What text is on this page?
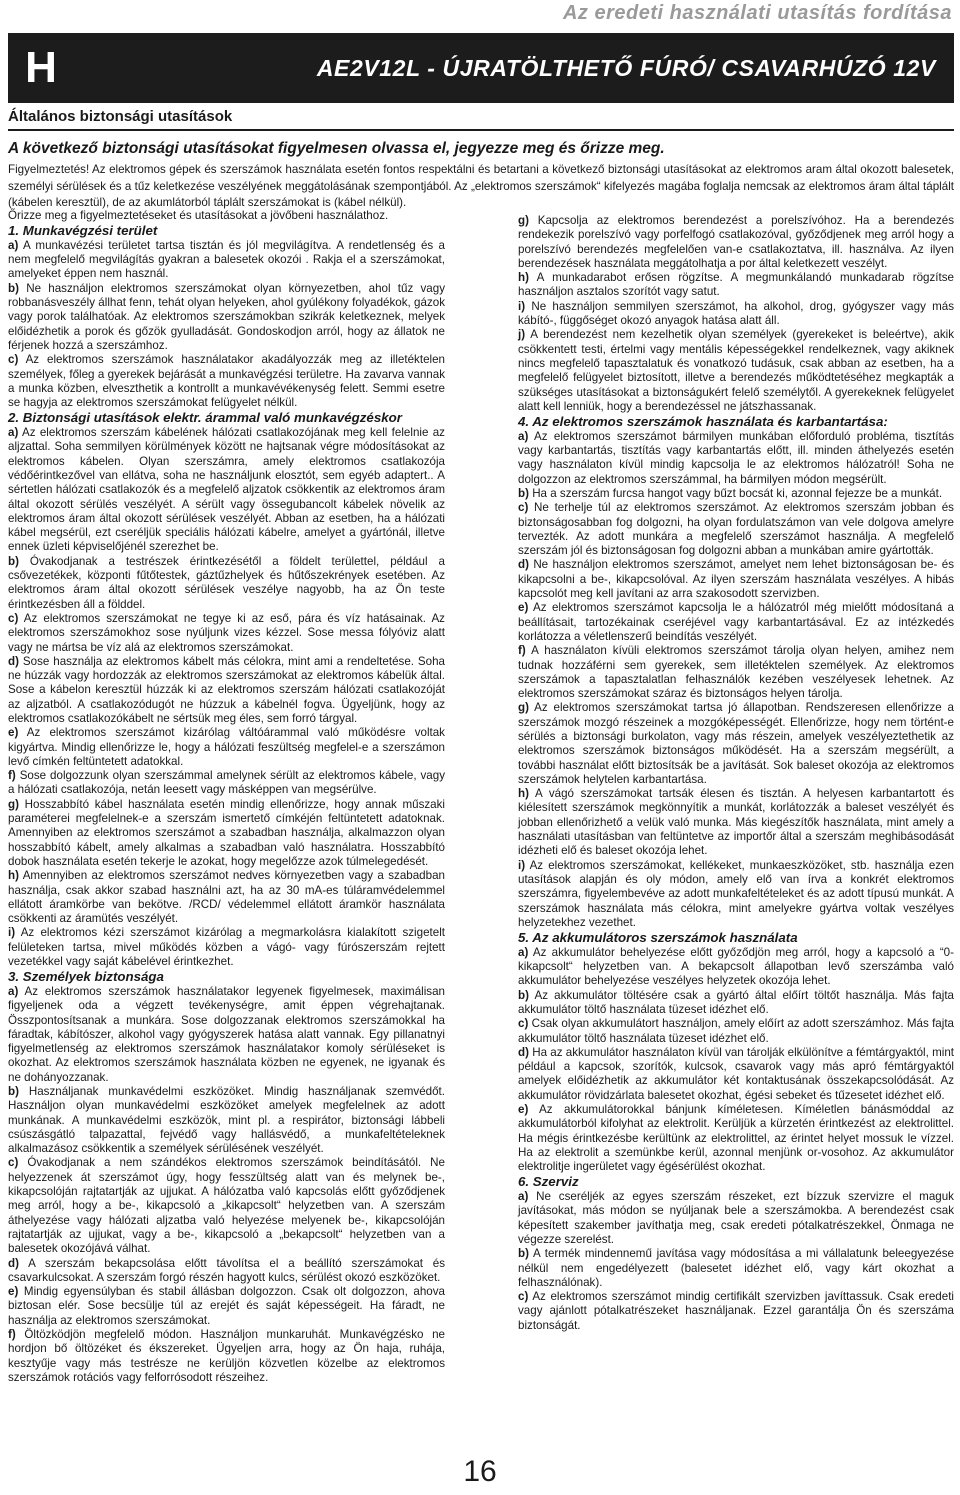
Az eredeti használati utasítás fordítása
H	AE2V12L - ÚJRATÖLTHETŐ FÚRÓ/ CSAVARHÚZÓ 12V
Általános biztonsági utasítások
A következő biztonsági utasításokat figyelmesen olvassa el, jegyezze meg és őrizze meg.
Figyelmeztetés! Az elektromos gépek és szerszámok használata esetén fontos respektálni és betartani a következő biztonsági utasításokat az elektromos aram által okozott balesetek, személyi sérülések és a tűz keletkezése veszélyének meggátolásának szempontjából. Az „elektromos szerszámok“ kifelyezés magába foglalja nemcsak az elektromos áram által táplált (kábelen keresztül), de az akumlátorból táplált szerszámokat is (kábel nélkül).

Őrizze meg a figyelmeztetéseket és utasításokat a jövőbeni használathoz.

1. Munkavégzési terület

a) A munkavézési területet tartsa tisztán és jól megvilágítva. A rendetlenség és a nem megfelelő megvilágítás gyakran a balesetek okozói . Rakja el a szerszámokat, amelyeket éppen nem használ.

b) Ne használjon elektromos szerszámokat olyan környezetben, ahol tűz vagy robbanásveszély állhat fenn, tehát olyan helyeken, ahol gyúlékony folyadékok, gázok vagy porok találhatóak. Az elektromos szerszámokban szikrák keletkeznek, melyek előidézhetik a porok és gőzök gyulladását. Gondoskodjon arról, hogy az állatok ne férjenek hozzá a szerszámhoz.

c) Az elektromos szerszámok használatakor akadályozzák meg az illetéktelen személyek, főleg a gyerekek bejárását a munkavégzési területre. Ha zavarva vannak a munka közben, elveszthetik a kontrollt a munkavévékenység felett. Semmi esetre se hagyja az elektromos szerszámokat felügyelet nélkül.

2. Biztonsági utasítások elektr. árammal való munkavégzéskor

a) Az elektromos szerszám kábelének hálózati csatlakozójának meg kell felelnie az aljzattal. Soha semmilyen körülmények között ne hajtsanak végre módosításokat az elektromos kábelen. Olyan szerszámra, amely elektromos csatlakozója védőérintkezővel van ellátva, soha ne használjunk elosztót, sem egyéb adaptert.. A sértetlen hálózati csatlakozók és a megfelelő aljzatok csökkentik az elektromos áram által okozott sérülés veszélyét. A sérült vagy össegubancolt kábelek növelik az elektromos áram által okozott sérülések veszélyét. Abban az esetben, ha a hálózati kábel megsérül, ezt cseréljük speciális hálózati kábelre, amelyet a gyártónál, illetve ennek üzleti képviselőjénél szerezhet be.

b) Óvakodjanak a testrészek érintkezésétől a földelt területtel, például a csővezetékek, központi fűtőtestek, gáztűzhelyek és hűtőszekrények esetében. Az elektromos áram által okozott sérülések veszélye nagyobb, ha az Ön teste érintkezésben áll a földdel.

c) Az elektromos szerszámokat ne tegye ki az eső, pára és víz hatásainak. Az elektromos szerszámokhoz sose nyúljunk vizes kézzel. Sose messa fólyóviz alatt vagy ne mártsa be víz alá az elektromos szerszámokat.

d) Sose használja az elektromos kábelt más célokra, mint ami a rendeltetése. Soha ne húzzák vagy hordozzák az elektromos szerszámokat az elektromos kábelük által. Sose a kábelon keresztül húzzák ki az elektromos szerszám hálózati csatlakozóját az aljzatból. A csatlakozódugót ne húzzuk a kábelnél fogva. Ügyeljünk, hogy az elektromos csatlakozókábelt ne sértsük meg éles, sem forró tárgyal.

e) Az elektromos szerszámot kizárólag váltóárammal való működésre voltak kigyártva. Mindig ellenőrizze le, hogy a hálózati feszültség megfelel-e a szerszámon levő címkén feltüntetett adatokkal.

f) Sose dolgozzunk olyan szerszámmal amelynek sérült az elektromos kábele, vagy a hálózati csatlakozója, netán leesett vagy másképpen van megsérülve.

g) Hosszabbító kábel használata esetén mindig ellenőrizze, hogy annak műszaki paraméterei megfelelnek-e a szerszám ismertető címkéjén feltüntetett adatoknak. Amennyiben az elektromos szerszámot a szabadban használja, alkalmazzon olyan hosszabbító kábelt, amely alkalmas a szabadban való használatra. Hosszabbító dobok használata esetén tekerje le azokat, hogy megelőzze azok túlmelegedését.

h) Amennyiben az elektromos szerszámot nedves környezetben vagy a szabadban használja, csak akkor szabad használni azt, ha az 30 mA-es túláramvédelemmel ellátott áramkörbe van bekötve. /RCD/ védelemmel ellátott áramkör használata csökkenti az áramütés veszélyét.

i) Az elektromos kézi szerszámot kizárólag a megmarkolásra kialakított szigetelt felületeken tartsa, mivel működés közben a vágó- vagy fúrószerszám rejtett vezetékkel vagy saját kábelével érintkezhet.

3. Személyek biztonsága

a) Az elektromos szerszámok használatakor legyenek figyelmesek, maximálisan figyeljenek oda a végzett tevékenységre, amit éppen végrehajtanak. Összpontosítsanak a munkára. Sose dolgozzanak elektromos szerszámokkal ha fáradtak, kábítószer, alkohol vagy gyógyszerek hatása alatt vannak. Egy pillanatnyi figyelmetlenség az elektromos szerszámok használatakor komoly sérüléseket is okozhat. Az elektromos szerszámok használata közben ne egyenek, ne igyanak és ne dohányozzanak.

b) Használjanak munkavédelmi eszközöket. Mindig használjanak szemvédőt. Használjon olyan munkavédelmi eszközöket amelyek megfelelnek az adott munkának. A munkavédelmi eszközök, mint pl. a respirátor, biztonsági lábbeli csúszásgátló talpazattal, fejvédő vagy hallásvédő, a munkafeltételeknek alkalmazásoz csökkentik a személyek sérülésének veszélyét.

c) Óvakodjanak a nem szándékos elektromos szerszámok beindításától. Ne helyezzenek át szerszámot úgy, hogy fesszültség alatt van és melynek be-, kikapcsolóján rajtatartják az ujjukat. A hálózatba való kapcsolás előtt győződjenek meg arról, hogy a be-, kikapcsoló a „kikapcsolt“ helyzetben van. A szerszám áthelyezése vagy hálózati aljzatba való helyezése melyenek be-, kikapcsolóján rajtatartják az ujjukat, vagy a be-, kikapcsoló a „bekapcsolt“ helyzetben van a balesetek okozójává válhat.

d) A szerszám bekapcsolása előtt távolítsa el a beállító szerszámokat és csavarkulcsokat. A szerszám forgó részén hagyott kulcs, sérülést okozó eszközöket.

e) Mindig egyensúlyban és stabil állásban dolgozzon. Csak olt dolgozzon, ahova biztosan elér. Sose becsülje túl az erejét és saját képességeit. Ha fáradt, ne használja az elektromos szerszámokat.

f) Öltözködjön megfelelő módon. Használjon munkaruhát. Munkavégzésko ne hordjon bő öltözéket és ékszereket. Ügyeljen arra, hogy az Ön haja, ruhája, kesztyűje vagy más testrésze ne kerüljön közvetlen közelbe az elektromos szerszámok rotációs vagy felforrósodott részeihez.

g) Kapcsolja az elektromos berendezést a porelszívóhoz. Ha a berendezés rendekezik porelszívó vagy porfelfogó csatlakozóval, győződjenek meg arról hogy a porelszívó berendezés megfelelően van-e csatlakoztatva, ill. használva. Az ilyen berendezések használata meggátolhatja a por által keletkezett veszélyt.

h) A munkadarabot erősen rögzítse. A megmunkálandó munkadarab rögzítse használjon asztalos szorítót vagy satut.

i) Ne használjon semmilyen szerszámot, ha alkohol, drog, gyógyszer vagy más kábító-, függőséget okozó anyagok hatása alatt áll.

j) A berendezést nem kezelhetik olyan személyek (gyerekeket is beleértve), akik csökkentett testi, értelmi vagy mentális képességekkel rendelkeznek, vagy akiknek nincs megfelelő tapasztalatuk és vonatkozó tudásuk, csak abban az esetben, ha a megfelelő felügyelet biztosított, illetve a berendezés működtetéséhez megkapták a szükséges utasításokat a biztonságukért felelő személytől. A gyerekeknek felügyelet alatt kell lenniük, hogy a berendezéssel ne játszhassanak.

4. Az elektromos szerszámok használata és karbantartása:

a) Az elektromos szerszámot bármilyen munkában előforduló probléma, tisztítás vagy karbantartás, tisztítás vagy karbantartás előtt, ill. minden áthelyezés esetén vagy használaton kívül mindig kapcsolja le az elektromos hálózatról! Soha ne dolgozzon az elektromos szerszámmal, ha bármilyen módon megsérült.

b) Ha a szerszám furcsa hangot vagy bűzt bocsát ki, azonnal fejezze be a munkát.

c) Ne terhelje túl az elektromos szerszámot. Az elektromos szerszám jobban és biztonságosabban fog dolgozni, ha olyan fordulatszámon van vele dolgova amelyre tervezték. Az adott munkára a megfelelő szerszámot használja. A megfelelő szerszám jól és biztonságosan fog dolgozni abban a munkában amire gyártották.

d) Ne használjon elektromos szerszámot, amelyet nem lehet biztonságosan be- és kikapcsolni a be-, kikapcsolóval. Az ilyen szerszám használata veszélyes. A hibás kapcsolót meg kell javítani az arra szakosodott szervizben.

e) Az elektromos szerszámot kapcsolja le a hálózatról még mielőtt módosítaná a beállításait, tartozékainak cseréjével vagy karbantartásával. Ez az intézkedés korlátozza a véletlenszerű beindítás veszélyét.

f) A használaton kívüli elektromos szerszámot tárolja olyan helyen, amihez nem tudnak hozzáférni sem gyerekek, sem illetéktelen személyek. Az elektromos szerszámok a tapasztalatlan felhasználók kezében veszélyesek lehetnek. Az elektromos szerszámokat száraz és biztonságos helyen tárolja.

g) Az elektromos szerszámokat tartsa jó állapotban. Rendszeresen ellenőrizze a szerszámok mozgó részeinek a mozgóképességét. Ellenőrizze, hogy nem történt-e sérülés a biztonsági burkolaton, vagy más részein, amelyek veszélyeztethetik az elektromos szerszámok biztonságos működését. Ha a szerszám megsérült, a további használat előtt biztosítsák be a javítását. Sok baleset okozója az elektromos szerszámok helytelen karbantartása.

h) A vágó szerszámokat tartsák élesen és tisztán. A helyesen karbantartott és kiélesített szerszámok megkönnyítik a munkát, korlátozzák a baleset veszélyét és jobban ellenőrizhető a velük való munka. Más kiegészítők használata, mint amely a használati utasításban van feltüntetve az importőr által a szerszám meghibásodását idézheti elő és baleset okozója lehet.

i) Az elektromos szerszámokat, kellékeket, munkaeszközöket, stb. használja ezen utasítások alapján és oly módon, amely elő van írva a konkrét elektromos szerszámra, figyelembevéve az adott munkafeltételeket és az adott típusú munkát. A szerszámok használata más célokra, mint amelyekre gyártva voltak veszélyes helyzetekhez vezethet.

5. Az akkumulátoros szerszámok használata

a) Az akkumulátor behelyezése előtt győződjön meg arról, hogy a kapcsoló a “0-kikapcsolt“ helyzetben van. A bekapcsolt állapotban levő szerszámba való akkumulátor behelyezése veszélyes helyzetek okozója lehet.

b) Az akkumulátor töltésére csak a gyártó által előírt töltőt használja. Más fajta akkumulátor töltő használata tüzeset idézhet elő.

c) Csak olyan akkumulátort használjon, amely előírt az adott szerszámhoz. Más fajta akkumulátor töltő használata tüzeset idézhet elő.

d) Ha az akkumulátor használaton kívül van tárolják elkülönítve a fémtárgyaktól, mint például a kapcsok, szorítók, kulcsok, csavarok vagy más apró fémtárgyaktól amelyek előidézhetik az akkumulátor két kontaktusának összekapcsolódását. Az akkumulátor rövidzárlata balesetet okozhat, égési sebeket és tűzesetet idézhet elő.

e) Az akkumulátorokkal bánjunk kíméletesen. Kíméletlen bánásmóddal az akkumulátorból kifolyhat az elektrolit. Kerüljük a kürzetén érintkezést az elektrolittel. Ha mégis érintkezésbe kerültünk az elektrolittel, az érintet helyet mossuk le vízzel. Ha az elektrolit a szemünkbe kerül, azonnal menjünk or-vosohoz. Az akkumulátor elektrolitje ingerületet vagy égésérülést okozhat.

6. Szerviz

a) Ne cseréljék az egyes szerszám részeket, ezt bízzuk szervizre el maguk javításokat, más módon se nyúljanak bele a szerszámokba. A berendezést csak képesített szakember javíthatja meg, csak eredeti pótalkatrészekkel, Önmaga ne végezze szerelést.

b) A termék mindennemű javítása vagy módosítása a mi vállalatunk beleegyezése nélkül nem engedélyezett (balesetet idézhet elő, vagy kárt okozhat a felhasználónak).

c) Az elektromos szerszámot mindig certifikált szervizben javíttassuk. Csak eredeti vagy ajánlott pótalkatrészeket használjanak. Ezzel garantálja Ön és szerszáma biztonságát.

16
